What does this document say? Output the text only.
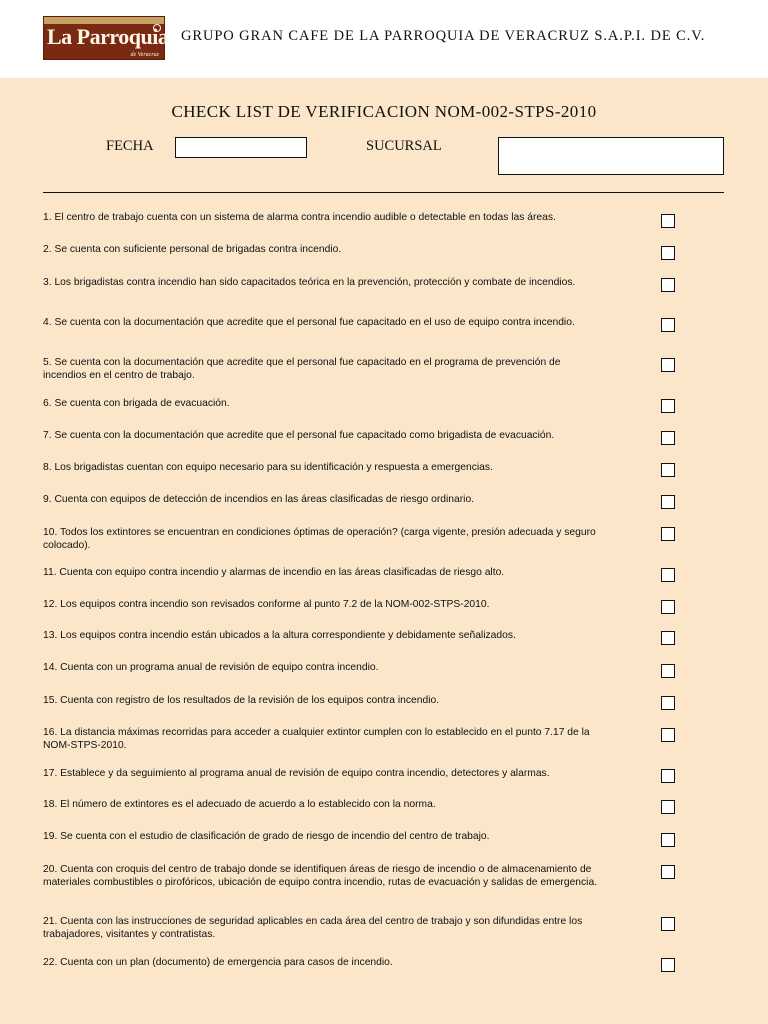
La Parroquia
de Veracruz
GRUPO GRAN CAFE DE LA PARROQUIA DE VERACRUZ S.A.P.I. DE C.V.
CHECK LIST DE VERIFICACION NOM-002-STPS-2010
FECHA	SUCURSAL
1. El centro de trabajo cuenta con un sistema de alarma contra incendio audible o detectable en todas las áreas.
2. Se cuenta con suficiente personal de brigadas contra incendio.
3. Los brigadistas contra incendio han sido capacitados teórica en la prevención, protección y combate de incendios.
4. Se cuenta con la documentación que acredite que el personal fue capacitado en el uso de equipo contra incendio.
5. Se cuenta con la documentación que acredite que el personal fue capacitado en el programa de prevención de incendios en el centro de trabajo.
6. Se cuenta con brigada de evacuación.
7. Se cuenta con la documentación que acredite que el personal fue capacitado como brigadista de evacuación.
8. Los brigadistas cuentan con equipo necesario para su identificación y respuesta a emergencias.
9. Cuenta con equipos de detección de incendios en las áreas clasificadas de riesgo ordinario.
10. Todos los extintores se encuentran en condiciones óptimas de operación? (carga vigente, presión adecuada y seguro colocado).
11. Cuenta con equipo contra incendio y alarmas de incendio en las áreas clasificadas de riesgo alto.
12. Los equipos contra incendio son revisados conforme al punto 7.2 de la NOM-002-STPS-2010.
13. Los equipos contra incendio están ubicados a la altura correspondiente y debidamente señalizados.
14. Cuenta con un programa anual de revisión de equipo contra incendio.
15. Cuenta con registro de los resultados de la revisión de los equipos contra incendio.
16. La distancia máximas recorridas para acceder a cualquier extintor cumplen con lo establecido en el punto 7.17 de la NOM-STPS-2010.
17. Establece y da seguimiento al programa anual de revisión de equipo contra incendio, detectores y alarmas.
18. El número de extintores es el adecuado de acuerdo a lo establecido con la norma.
19. Se cuenta con el estudio de clasificación de grado de riesgo de incendio del centro de trabajo.
20. Cuenta con croquis del centro de trabajo donde se identifiquen áreas de riesgo de incendio o de almacenamiento de materiales combustibles o pirofóricos, ubicación de equipo contra incendio, rutas de evacuación y salidas de emergencia.
21. Cuenta con las instrucciones de seguridad aplicables en cada área del centro de trabajo y son difundidas entre los trabajadores, visitantes y contratistas.
22. Cuenta con un plan (documento) de emergencia para casos de incendio.
